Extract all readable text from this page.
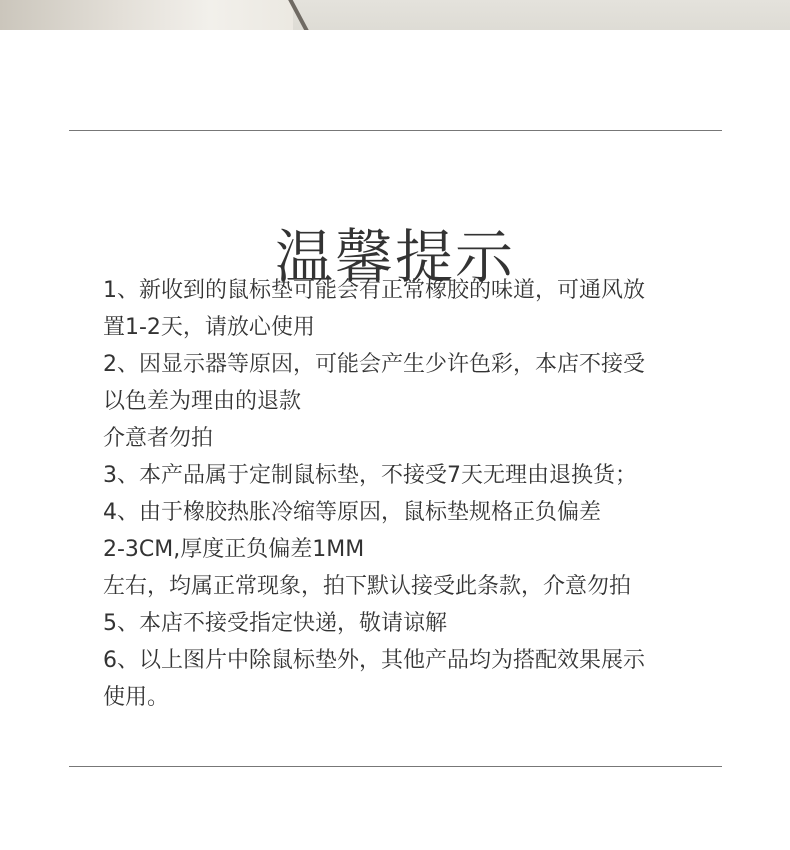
温馨提示
1、新收到的鼠标垫可能会有正常橡胶的味道，可通风放
置1-2天，请放心使用
2、因显示器等原因，可能会产生少许色彩，本店不接受
以色差为理由的退款
介意者勿拍
3、本产品属于定制鼠标垫，不接受7天无理由退换货；
4、由于橡胶热胀冷缩等原因，鼠标垫规格正负偏差
2-3CM,厚度正负偏差1MM
左右，均属正常现象，拍下默认接受此条款，介意勿拍
5、本店不接受指定快递，敬请谅解
6、以上图片中除鼠标垫外，其他产品均为搭配效果展示
使用。
